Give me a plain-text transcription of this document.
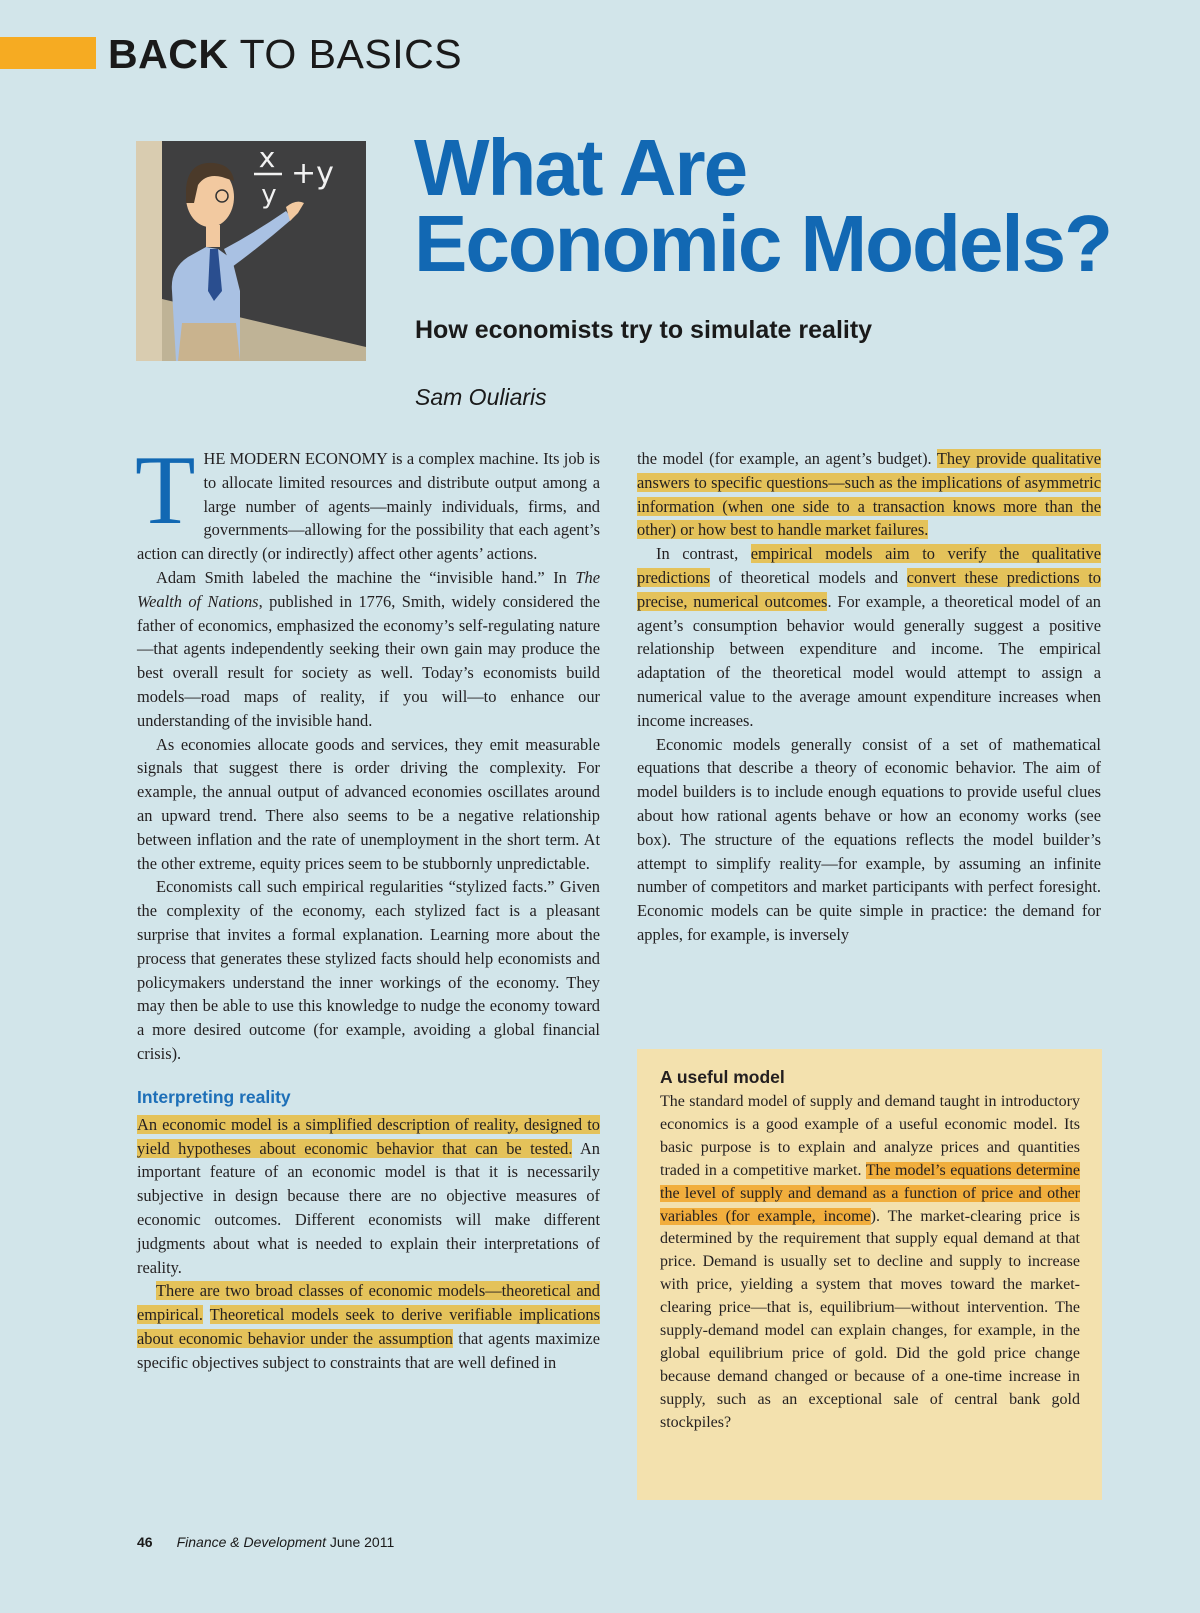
BACK TO BASICS
x
y
+y What Are
Economic Models?
How economists try to simulate reality
Sam Ouliaris

THE MODERN ECONOMY is a complex machine. Its job is to allocate limited resources and distribute output among a large number of agents—mainly individuals, firms, and governments—allowing for the possibility that each agent’s action can directly (or indirectly) affect other agents’ actions.

Adam Smith labeled the machine the “invisible hand.” In The Wealth of Nations, published in 1776, Smith, widely considered the father of economics, emphasized the economy’s self-regulating nature—that agents independently seeking their own gain may produce the best overall result for society as well. Today’s economists build models—road maps of reality, if you will—to enhance our understanding of the invisible hand.

As economies allocate goods and services, they emit measurable signals that suggest there is order driving the complexity. For example, the annual output of advanced economies oscillates around an upward trend. There also seems to be a negative relationship between inflation and the rate of unemployment in the short term. At the other extreme, equity prices seem to be stubbornly unpredictable.

Economists call such empirical regularities “stylized facts.” Given the complexity of the economy, each stylized fact is a pleasant surprise that invites a formal explanation. Learning more about the process that generates these stylized facts should help economists and policymakers understand the inner workings of the economy. They may then be able to use this knowledge to nudge the economy toward a more desired outcome (for example, avoiding a global financial crisis).

Interpreting reality

An economic model is a simplified description of reality, designed to yield hypotheses about economic behavior that can be tested. An important feature of an economic model is that it is necessarily subjective in design because there are no objective measures of economic outcomes. Different economists will make different judgments about what is needed to explain their interpretations of reality.

There are two broad classes of economic models—theoretical and empirical. Theoretical models seek to derive verifiable implications about economic behavior under the assumption that agents maximize specific objectives subject to constraints that are well defined in

the model (for example, an agent’s budget). They provide qualitative answers to specific questions—such as the implications of asymmetric information (when one side to a transaction knows more than the other) or how best to handle market failures.

In contrast, empirical models aim to verify the qualitative predictions of theoretical models and convert these predictions to precise, numerical outcomes. For example, a theoretical model of an agent’s consumption behavior would generally suggest a positive relationship between expenditure and income. The empirical adaptation of the theoretical model would attempt to assign a numerical value to the average amount expenditure increases when income increases.

Economic models generally consist of a set of mathematical equations that describe a theory of economic behavior. The aim of model builders is to include enough equations to provide useful clues about how rational agents behave or how an economy works (see box). The structure of the equations reflects the model builder’s attempt to simplify reality—for example, by assuming an infinite number of competitors and market participants with perfect foresight. Economic models can be quite simple in practice: the demand for apples, for example, is inversely

A useful model
The standard model of supply and demand taught in introductory economics is a good example of a useful economic model. Its basic purpose is to explain and analyze prices and quantities traded in a competitive market. The model’s equations determine the level of supply and demand as a function of price and other variables (for example, income). The market-clearing price is determined by the requirement that supply equal demand at that price. Demand is usually set to decline and supply to increase with price, yielding a system that moves toward the market-clearing price—that is, equilibrium—without intervention. The supply-demand model can explain changes, for example, in the global equilibrium price of gold. Did the gold price change because demand changed or because of a one-time increase in supply, such as an exceptional sale of central bank gold stockpiles?
46 Finance & Development June 2011
